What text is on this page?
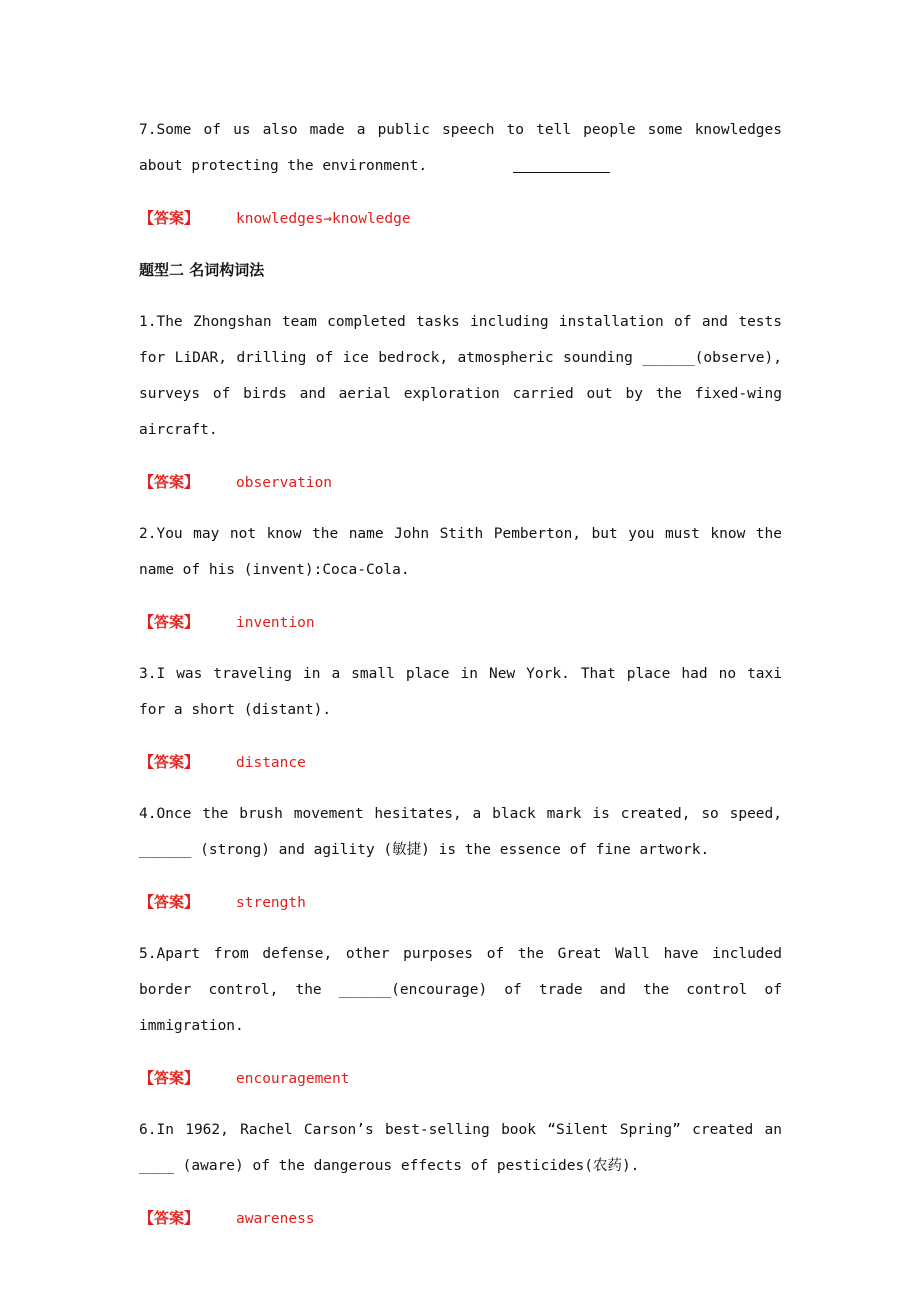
7.Some of us also made a public speech to tell people some knowledges about protecting the environment.

【答案】	knowledges→knowledge
题型二 名词构词法

1.The Zhongshan team completed tasks including installation of and tests for LiDAR, drilling of ice bedrock, atmospheric sounding ______(observe), surveys of birds and aerial exploration carried out by the fixed-wing aircraft.

【答案】	observation

2.You may not know the name John Stith Pemberton, but you must know the name of his (invent):Coca-Cola.

【答案】	invention

3.I was traveling in a small place in New York. That place had no taxi for a short (distant).

【答案】	distance

4.Once the brush movement hesitates, a black mark is created, so speed, ______ (strong) and agility (敏捷) is the essence of fine artwork.

【答案】	strength

5.Apart from defense, other purposes of the Great Wall have included border control, the ______(encourage) of trade and the control of immigration.

【答案】	encouragement

6.In 1962, Rachel Carson’s best-selling book “Silent Spring” created an ____ (aware) of the dangerous effects of pesticides(农药).

【答案】	awareness
